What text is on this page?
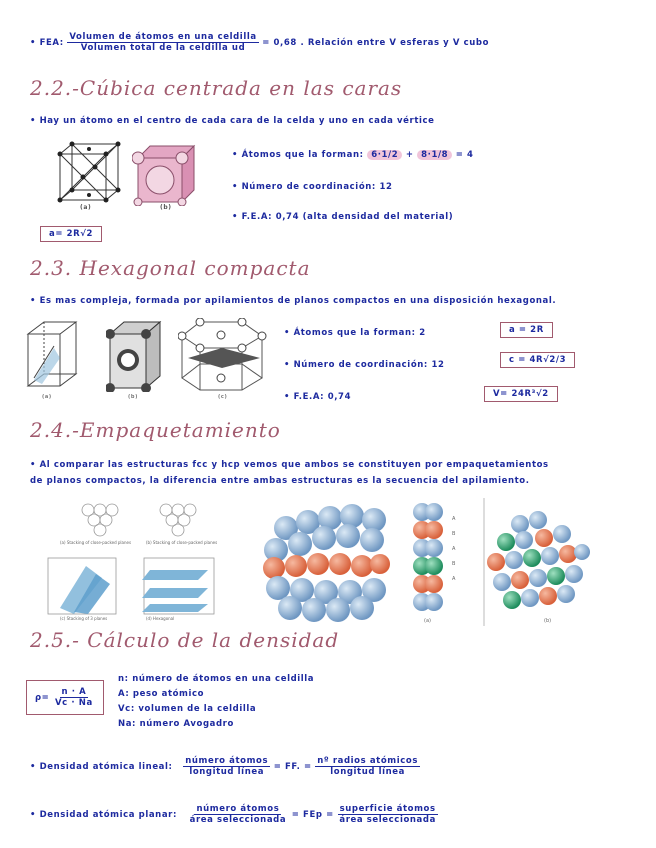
• FEA: $\frac{\text{Volumen de átomos en una celdilla}}{\text{Volumen total de la celdilla ud}} = 0,68$ . Relación entre V esferas y V cubo
2.2.-Cúbica centrada en las caras
• Hay un átomo en el centro de cada cara de la celda y uno en cada vértice
(a)	(b)
• Átomos que la forman: 6·1/2 + 8·1/8 = 4
• Número de coordinación: 12
• F.E.A: 0,74 (alta densidad del material)
a= 2R√2
2.3. Hexagonal compacta
• Es mas compleja, formada por apilamientos de planos compactos en una disposición hexagonal.
(a)	(b)	(c)
• Átomos que la forman: 2
• Número de coordinación: 12
• F.E.A: 0,74
a = 2R
c = 4R√2/3
V= 24R³√2
2.4.-Empaquetamiento
• Al comparar las estructuras fcc y hcp vemos que ambos se constituyen por empaquetamientos
de planos compactos, la diferencia entre ambas estructuras es la secuencia del apilamiento.
(a) Stacking of close-packed planes	(b) Stacking of close-packed planes
(c) Stacking of 3 planes	(d) Hexagonal
A
B
A
B
A
(a)	(b)
2.5.- Cálculo de la densidad
$\rho= \frac{n \cdot A}{Vc \cdot Na}$
n: número de átomos en una celdilla
A: peso atómico
Vc: volumen de la celdilla
Na: número Avogadro
• Densidad atómica lineal: $\frac{\text{número átomos}}{\text{longitud línea}}$ = FF. = $\frac{\text{nº radios atómicos}}{\text{longitud línea}}$
• Densidad atómica planar: $\frac{\text{número átomos}}{\text{área seleccionada}}$ = FEp = $\frac{\text{superficie átomos}}{\text{área seleccionada}}$
